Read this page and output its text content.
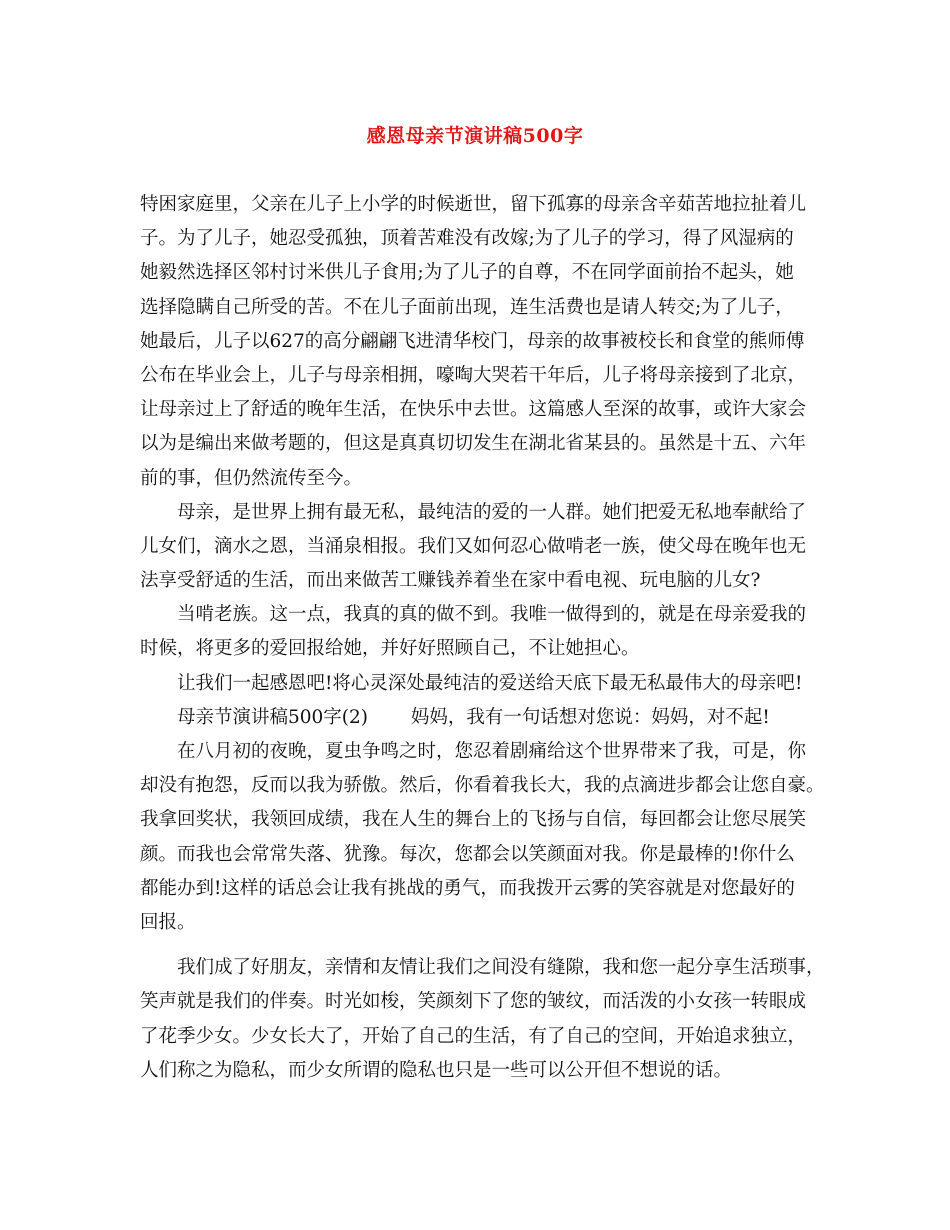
感恩母亲节演讲稿500字
特困家庭里，父亲在儿子上小学的时候逝世，留下孤寡的母亲含辛茹苦地拉扯着儿
子。为了儿子，她忍受孤独，顶着苦难没有改嫁;为了儿子的学习，得了风湿病的
她毅然选择区邻村讨米供儿子食用;为了儿子的自尊，不在同学面前抬不起头，她
选择隐瞒自己所受的苦。不在儿子面前出现，连生活费也是请人转交;为了儿子，
她最后，儿子以627的高分翩翩飞进清华校门，母亲的故事被校长和食堂的熊师傅
公布在毕业会上，儿子与母亲相拥，嚎啕大哭若干年后，儿子将母亲接到了北京，
让母亲过上了舒适的晚年生活，在快乐中去世。这篇感人至深的故事，或许大家会
以为是编出来做考题的，但这是真真切切发生在湖北省某县的。虽然是十五、六年
前的事，但仍然流传至今。
　　母亲，是世界上拥有最无私，最纯洁的爱的一人群。她们把爱无私地奉献给了
儿女们，滴水之恩，当涌泉相报。我们又如何忍心做啃老一族，使父母在晚年也无
法享受舒适的生活，而出来做苦工赚钱养着坐在家中看电视、玩电脑的儿女?
　　当啃老族。这一点，我真的真的做不到。我唯一做得到的，就是在母亲爱我的
时候，将更多的爱回报给她，并好好照顾自己，不让她担心。
　　让我们一起感恩吧!将心灵深处最纯洁的爱送给天底下最无私最伟大的母亲吧!
　　母亲节演讲稿500字(2)　　 妈妈，我有一句话想对您说：妈妈，对不起!
　　在八月初的夜晚，夏虫争鸣之时，您忍着剧痛给这个世界带来了我，可是，你
却没有抱怨，反而以我为骄傲。然后，你看着我长大，我的点滴进步都会让您自豪。
我拿回奖状，我领回成绩，我在人生的舞台上的飞扬与自信，每回都会让您尽展笑
颜。而我也会常常失落、犹豫。每次，您都会以笑颜面对我。你是最棒的!你什么
都能办到!这样的话总会让我有挑战的勇气，而我拨开云雾的笑容就是对您最好的
回报。
　　我们成了好朋友，亲情和友情让我们之间没有缝隙，我和您一起分享生活琐事，
笑声就是我们的伴奏。时光如梭，笑颜刻下了您的皱纹，而活泼的小女孩一转眼成
了花季少女。少女长大了，开始了自己的生活，有了自己的空间，开始追求独立，
人们称之为隐私，而少女所谓的隐私也只是一些可以公开但不想说的话。
